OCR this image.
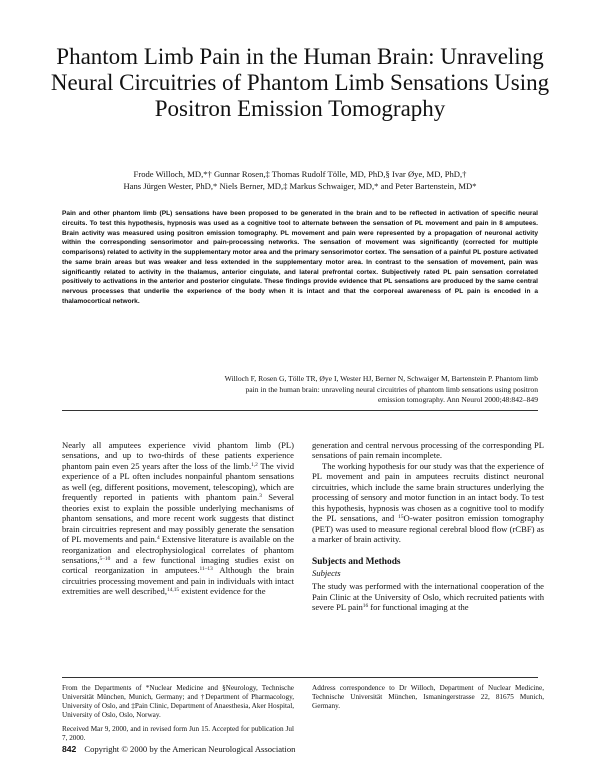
Phantom Limb Pain in the Human Brain: Unraveling Neural Circuitries of Phantom Limb Sensations Using Positron Emission Tomography
Frode Willoch, MD,*† Gunnar Rosen,‡ Thomas Rudolf Tölle, MD, PhD,§ Ivar Øye, MD, PhD,†
Hans Jürgen Wester, PhD,* Niels Berner, MD,‡ Markus Schwaiger, MD,* and Peter Bartenstein, MD*

Pain and other phantom limb (PL) sensations have been proposed to be generated in the brain and to be reflected in activation of specific neural circuits. To test this hypothesis, hypnosis was used as a cognitive tool to alternate between the sensation of PL movement and pain in 8 amputees. Brain activity was measured using positron emission tomography. PL movement and pain were represented by a propagation of neuronal activity within the corresponding sensorimotor and pain-processing networks. The sensation of movement was significantly (corrected for multiple comparisons) related to activity in the supplementary motor area and the primary sensorimotor cortex. The sensation of a painful PL posture activated the same brain areas but was weaker and less extended in the supplementary motor area. In contrast to the sensation of movement, pain was significantly related to activity in the thalamus, anterior cingulate, and lateral prefrontal cortex. Subjectively rated PL pain sensation correlated positively to activations in the anterior and posterior cingulate. These findings provide evidence that PL sensations are produced by the same central nervous processes that underlie the experience of the body when it is intact and that the corporeal awareness of PL pain is encoded in a thalamocortical network.

Willoch F, Rosen G, Tölle TR, Øye I, Wester HJ, Berner N, Schwaiger M, Bartenstein P. Phantom limb
pain in the human brain: unraveling neural circuitries of phantom limb sensations using positron
emission tomography. Ann Neurol 2000;48:842–849

Nearly all amputees experience vivid phantom limb (PL) sensations, and up to two-thirds of these patients experience phantom pain even 25 years after the loss of the limb.$^{1,2}$ The vivid experience of a PL often includes nonpainful phantom sensations as well (eg, different positions, movement, telescoping), which are frequently reported in patients with phantom pain.$^3$ Several theories exist to explain the possible underlying mechanisms of phantom sensations, and more recent work suggests that distinct brain circuitries represent and may possibly generate the sensation of PL movements and pain.$^4$ Extensive literature is available on the reorganization and electrophysiological correlates of phantom sensations,$^{5-10}$ and a few functional imaging studies exist on cortical reorganization in amputees.$^{11-13}$ Although the brain circuitries processing movement and pain in individuals with intact extremities are well described,$^{14,15}$ existent evidence for the

generation and central nervous processing of the corresponding PL sensations of pain remain incomplete.

The working hypothesis for our study was that the experience of PL movement and pain in amputees recruits distinct neuronal circuitries, which include the same brain structures underlying the processing of sensory and motor function in an intact body. To test this hypothesis, hypnosis was chosen as a cognitive tool to modify the PL sensations, and $^{15}$O-water positron emission tomography (PET) was used to measure regional cerebral blood flow (rCBF) as a marker of brain activity.

Subjects and Methods
Subjects

The study was performed with the international cooperation of the Pain Clinic at the University of Oslo, which recruited patients with severe PL pain$^{16}$ for functional imaging at the

From the Departments of *Nuclear Medicine and §Neurology, Technische Universität München, Munich, Germany; and †Department of Pharmacology, University of Oslo, and ‡Pain Clinic, Department of Anaesthesia, Aker Hospital, University of Oslo, Oslo, Norway.

Received Mar 9, 2000, and in revised form Jun 15. Accepted for publication Jul 7, 2000.

Address correspondence to Dr Willoch, Department of Nuclear Medicine, Technische Universität München, Ismaningerstrasse 22, 81675 Munich, Germany.

842 Copyright © 2000 by the American Neurological Association
